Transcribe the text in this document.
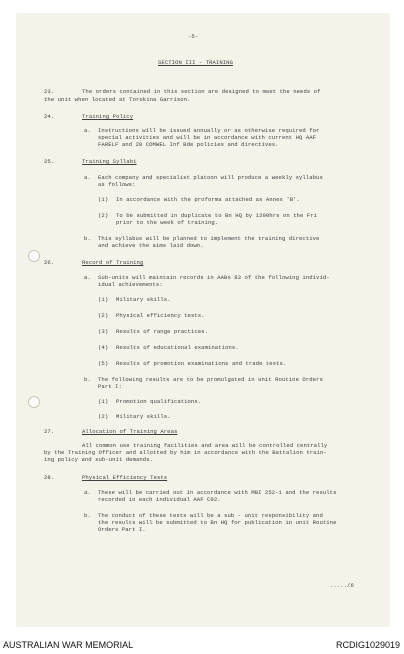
-5-
SECTION III - TRAINING
23.	The orders contained in this section are designed to meet the needs of
the unit when located at Torokina Garrison.
24.	Training Policy
a. Instructions will be issued annually or as otherwise required for
special activities and will be in accordance with current HQ AAF
FARELF and 28 COMWEL Inf Bde policies and directives.
25.	Training Syllabi
a. Each company and specialist platoon will produce a weekly syllabus
as follows:
(1) In accordance with the proforma attached as Annex 'B'.
(2) To be submitted in duplicate to Bn HQ by 1200hrs on the Fri
prior to the week of training.
b. This syllabus will be planned to implement the training directive
and achieve the aims laid down.
26.	Record of Training
a. Sub-units will maintain records in AABs 83 of the following individ-
idual achievements:
(1) Military skills.
(2) Physical efficiency tests.
(3) Results of range practices.
(4) Results of educational examinations.
(5) Results of promotion examinations and trade tests.
b. The following results are to be promulgated in unit Routine Orders
Part I:
(1) Promotion qualifications.
(2) Military skills.
27.	Allocation of Training Areas
All common use training facilities and area will be controlled centrally
by the Training Officer and allotted by him in accordance with the Battalion train-
ing policy and sub-unit demands.
28.	Physical Efficiency Tests
a. These will be carried out in accordance with MBI 252-1 and the results
recorded in each individual AAF C92.
b. The conduct of these tests will be a sub - unit responsibility and
the results will be submitted to Bn HQ for publication in unit Routine
Orders Part I.
...../6
AUSTRALIAN WAR MEMORIAL	RCDIG1029019
